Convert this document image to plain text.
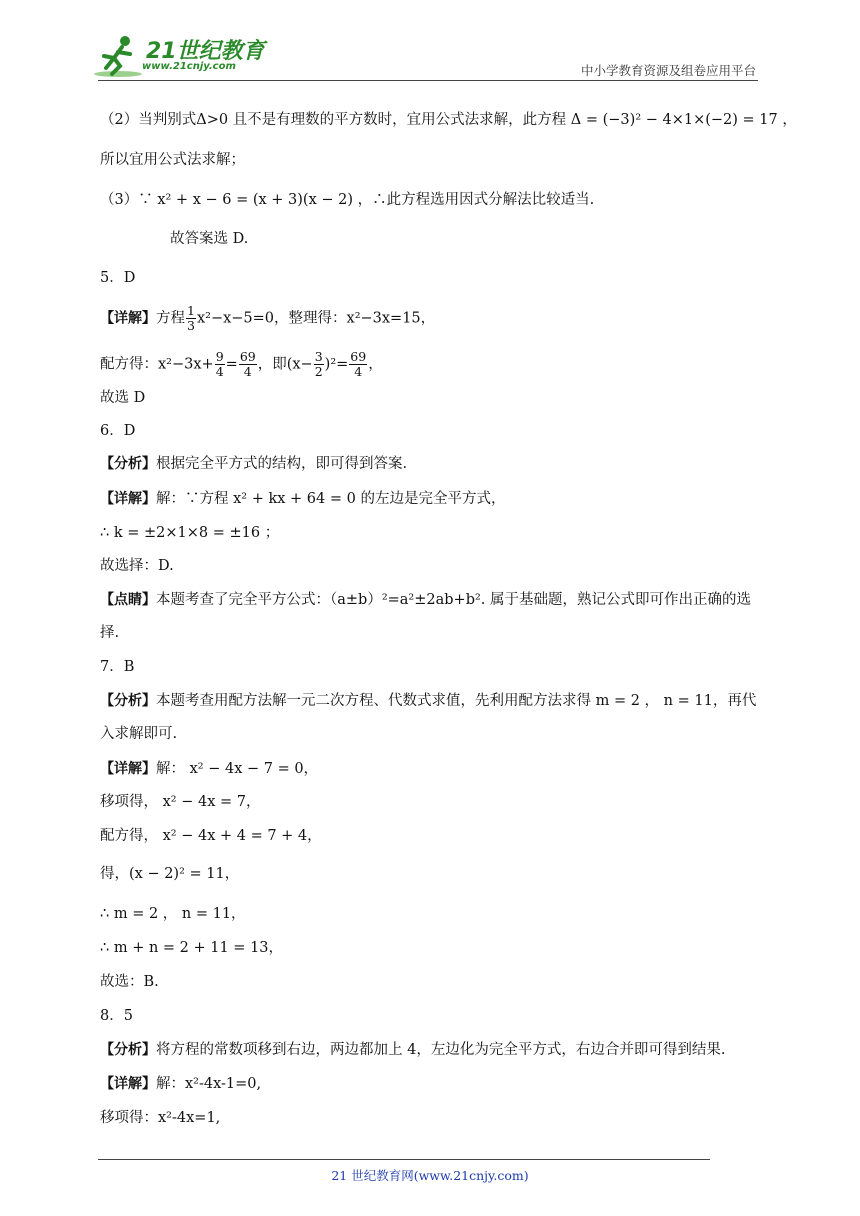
21世纪教育
www.21cnjy.com	中小学教育资源及组卷应用平台
（2）当判别式Δ>0 且不是有理数的平方数时，宜用公式法求解，此方程 Δ = (−3)² − 4×1×(−2) = 17 ，
所以宜用公式法求解；
（3）∵ x² + x − 6 = (x + 3)(x − 2) ，∴此方程选用因式分解法比较适当.
故答案选 D.
5．D
【详解】方程 $\frac{1}{3} x^2-x-5=0$，整理得：x²−3x=15，
配方得：$x^2-3x+ \frac{9}{4} = \frac{69}{4}$ ，即$(x- \frac{3}{2} )^2= \frac{69}{4}$ ，
故选 D
6．D
【分析】根据完全平方式的结构，即可得到答案.
【详解】解：∵方程 x² + kx + 64 = 0 的左边是完全平方式，
∴ k = ±2×1×8 = ±16 ；
故选择：D.
【点睛】本题考查了完全平方公式：（a±b）²=a²±2ab+b². 属于基础题，熟记公式即可作出正确的选
择.
7．B
【分析】本题考查用配方法解一元二次方程、代数式求值，先利用配方法求得 m = 2 ， n = 11，再代
入求解即可.
【详解】解： x² − 4x − 7 = 0，
移项得， x² − 4x = 7，
配方得， x² − 4x + 4 = 7 + 4，
得，(x − 2)² = 11，
∴ m = 2 ， n = 11，
∴ m + n = 2 + 11 = 13，
故选：B.
8．5
【分析】将方程的常数项移到右边，两边都加上 4，左边化为完全平方式，右边合并即可得到结果.
【详解】解：x²-4x-1=0,
移项得：x²-4x=1,
21 世纪教育网(www.21cnjy.com)
